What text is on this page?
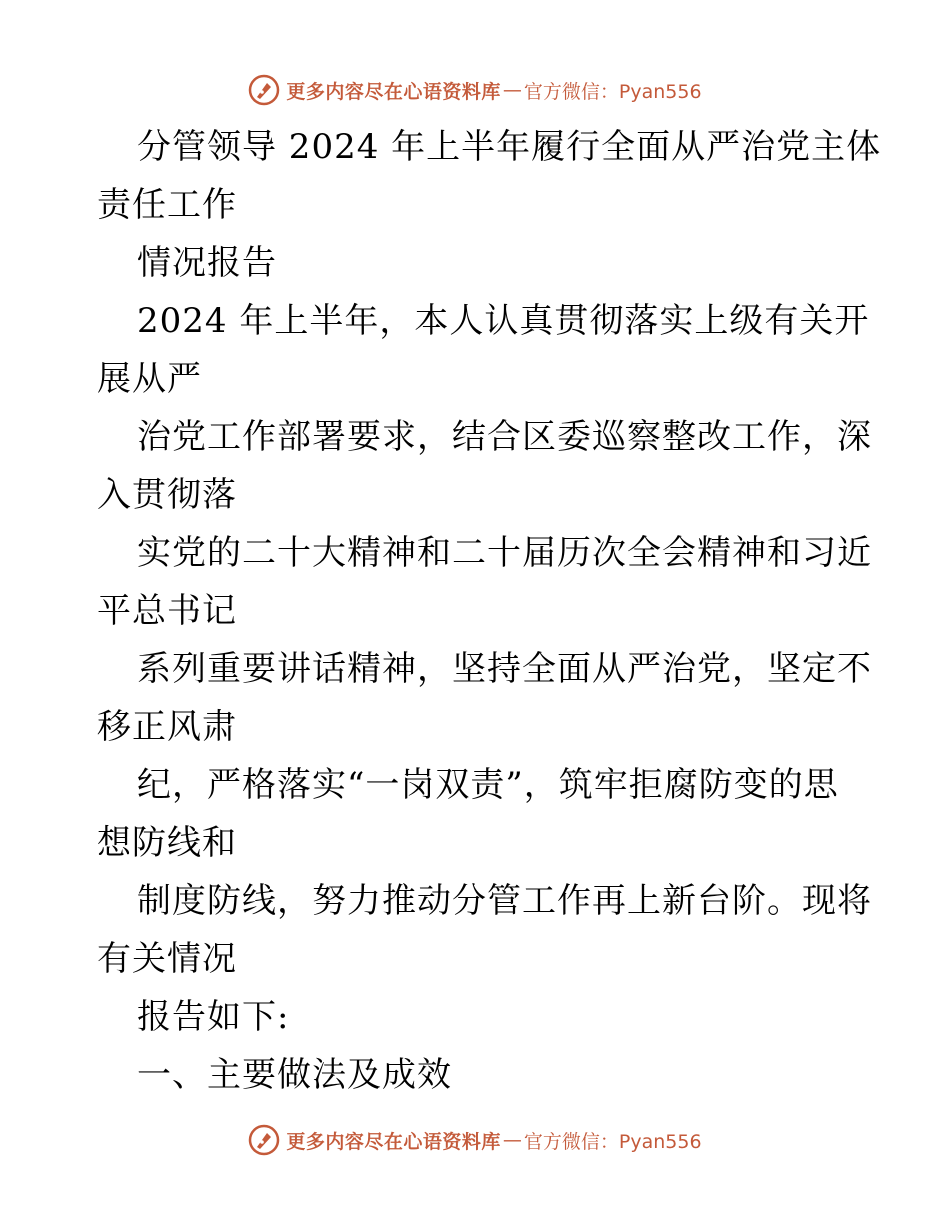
更多内容尽在心语资料库 — 官方微信：Pyan556
分管领导 2024 年上半年履行全面从严治党主体
责任工作
情况报告
2024 年上半年，本人认真贯彻落实上级有关开
展从严
治党工作部署要求，结合区委巡察整改工作，深
入贯彻落
实党的二十大精神和二十届历次全会精神和习近
平总书记
系列重要讲话精神，坚持全面从严治党，坚定不
移正风肃
纪，严格落实“一岗双责”，筑牢拒腐防变的思
想防线和
制度防线，努力推动分管工作再上新台阶。现将
有关情况
报告如下:
一、主要做法及成效
更多内容尽在心语资料库 — 官方微信：Pyan556
